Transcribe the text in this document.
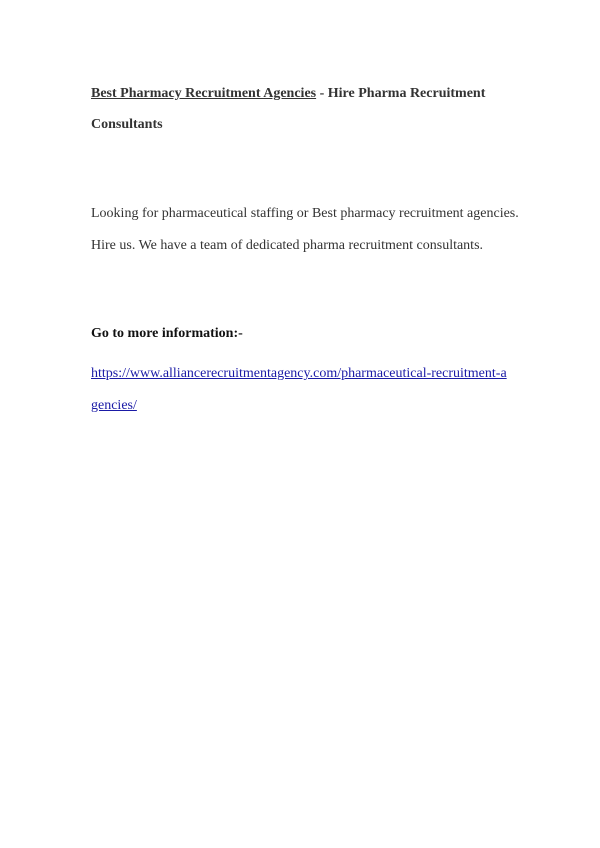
Best Pharmacy Recruitment Agencies - Hire Pharma Recruitment Consultants

Looking for pharmaceutical staffing or Best pharmacy recruitment agencies. Hire us. We have a team of dedicated pharma recruitment consultants.

Go to more information:-

https://www.alliancerecruitmentagency.com/pharmaceutical-recruitment-agencies/
